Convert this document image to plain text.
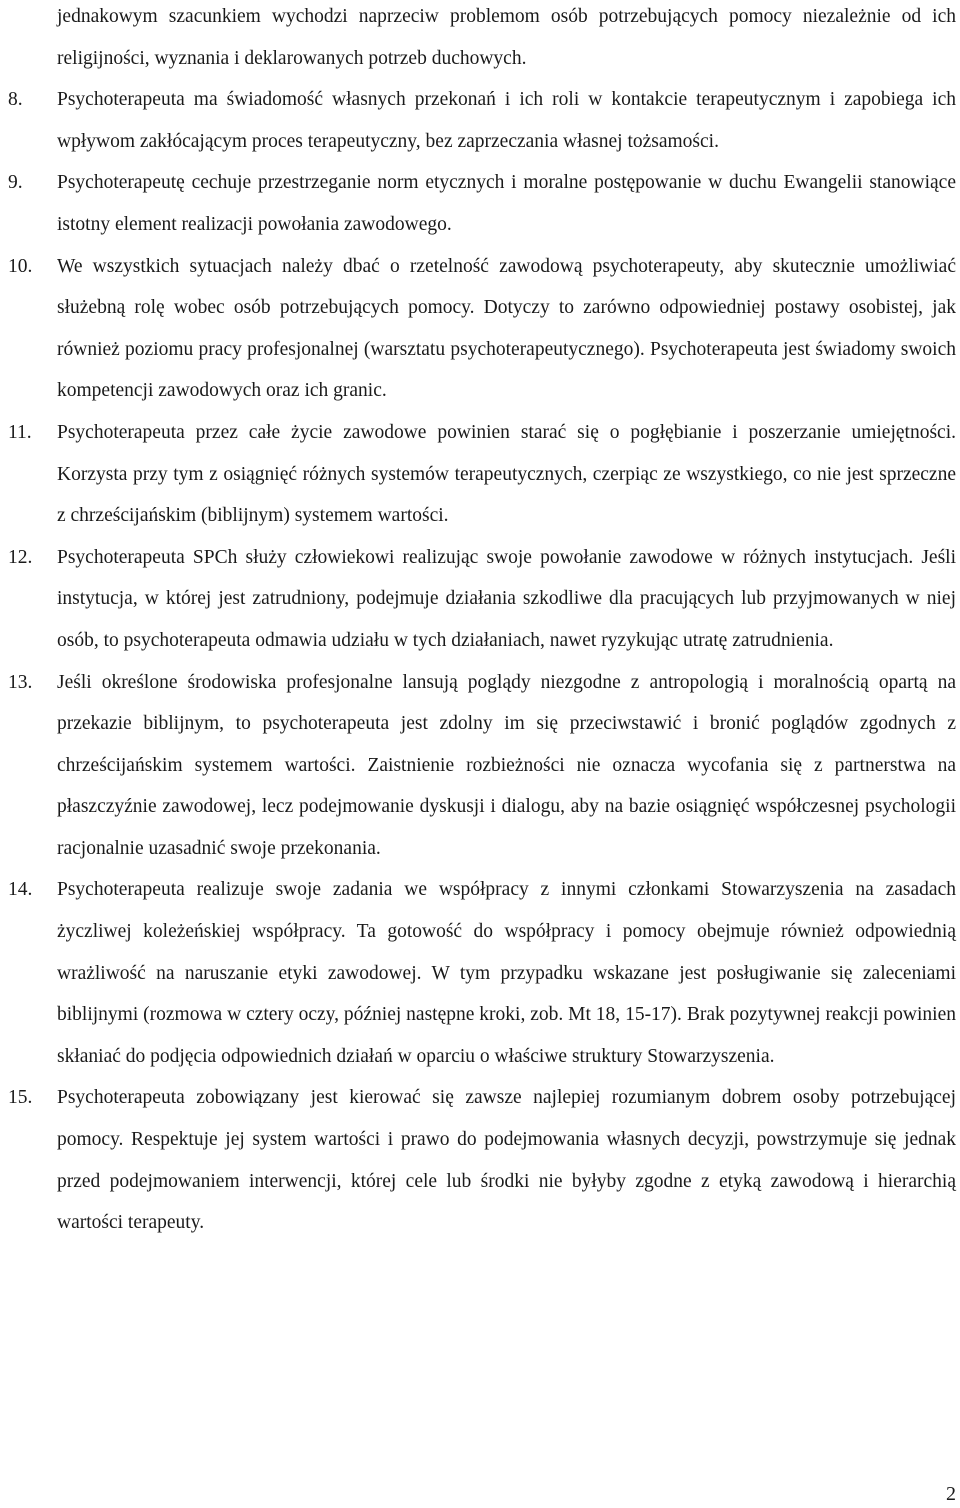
jednakowym szacunkiem wychodzi naprzeciw problemom osób potrzebujących pomocy niezależnie od ich religijności, wyznania i deklarowanych potrzeb duchowych.
8. Psychoterapeuta ma świadomość własnych przekonań i ich roli w kontakcie terapeutycznym i zapobiega ich wpływom zakłócającym proces terapeutyczny, bez zaprzeczania własnej tożsamości.
9. Psychoterapeutę cechuje przestrzeganie norm etycznych i moralne postępowanie w duchu Ewangelii stanowiące istotny element realizacji powołania zawodowego.
10. We wszystkich sytuacjach należy dbać o rzetelność zawodową psychoterapeuty, aby skutecznie umożliwiać służebną rolę wobec osób potrzebujących pomocy. Dotyczy to zarówno odpowiedniej postawy osobistej, jak również poziomu pracy profesjonalnej (warsztatu psychoterapeutycznego). Psychoterapeuta jest świadomy swoich kompetencji zawodowych oraz ich granic.
11. Psychoterapeuta przez całe życie zawodowe powinien starać się o pogłębianie i poszerzanie umiejętności. Korzysta przy tym z osiągnięć różnych systemów terapeutycznych, czerpiąc ze wszystkiego, co nie jest sprzeczne z chrześcijańskim (biblijnym) systemem wartości.
12. Psychoterapeuta SPCh służy człowiekowi realizując swoje powołanie zawodowe w różnych instytucjach. Jeśli instytucja, w której jest zatrudniony, podejmuje działania szkodliwe dla pracujących lub przyjmowanych w niej osób, to psychoterapeuta odmawia udziału w tych działaniach, nawet ryzykując utratę zatrudnienia.
13. Jeśli określone środowiska profesjonalne lansują poglądy niezgodne z antropologią i moralnością opartą na przekazie biblijnym, to psychoterapeuta jest zdolny im się przeciwstawić i bronić poglądów zgodnych z chrześcijańskim systemem wartości. Zaistnienie rozbieżności nie oznacza wycofania się z partnerstwa na płaszczyźnie zawodowej, lecz podejmowanie dyskusji i dialogu, aby na bazie osiągnięć współczesnej psychologii racjonalnie uzasadnić swoje przekonania.
14. Psychoterapeuta realizuje swoje zadania we współpracy z innymi członkami Stowarzyszenia na zasadach życzliwej koleżeńskiej współpracy. Ta gotowość do współpracy i pomocy obejmuje również odpowiednią wrażliwość na naruszanie etyki zawodowej. W tym przypadku wskazane jest posługiwanie się zaleceniami biblijnymi (rozmowa w cztery oczy, później następne kroki, zob. Mt 18, 15-17). Brak pozytywnej reakcji powinien skłaniać do podjęcia odpowiednich działań w oparciu o właściwe struktury Stowarzyszenia.
15. Psychoterapeuta zobowiązany jest kierować się zawsze najlepiej rozumianym dobrem osoby potrzebującej pomocy. Respektuje jej system wartości i prawo do podejmowania własnych decyzji, powstrzymuje się jednak przed podejmowaniem interwencji, której cele lub środki nie byłyby zgodne z etyką zawodową i hierarchią wartości terapeuty.
2
